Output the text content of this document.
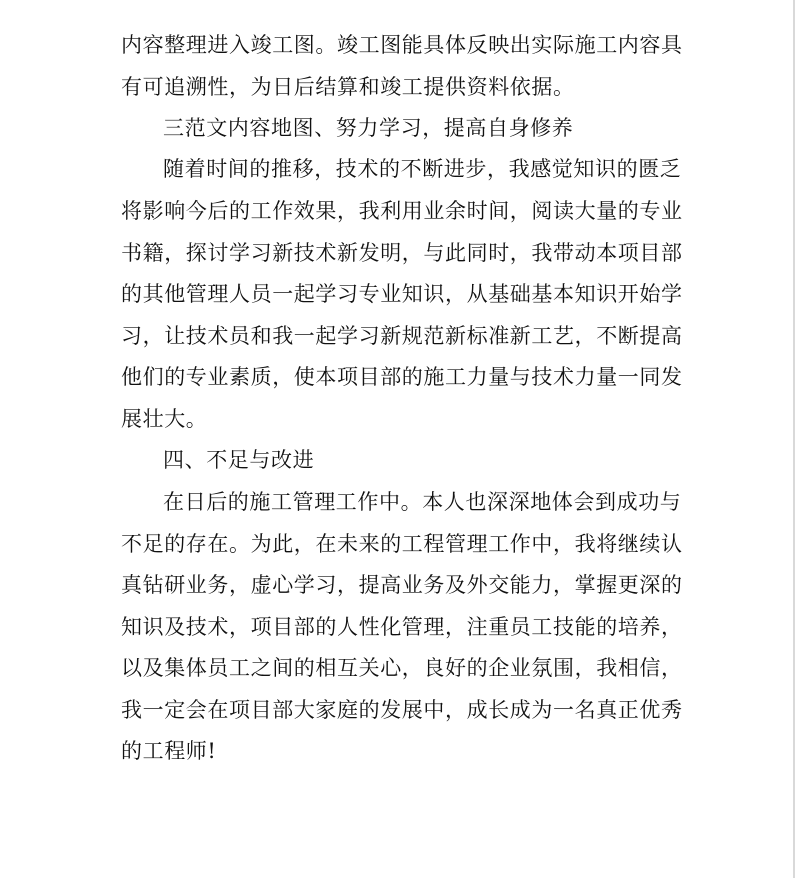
内容整理进入竣工图。竣工图能具体反映出实际施工内容具
有可追溯性，为日后结算和竣工提供资料依据。
三范文内容地图、努力学习，提高自身修养
随着时间的推移，技术的不断进步，我感觉知识的匮乏
将影响今后的工作效果，我利用业余时间，阅读大量的专业
书籍，探讨学习新技术新发明，与此同时，我带动本项目部
的其他管理人员一起学习专业知识，从基础基本知识开始学
习，让技术员和我一起学习新规范新标准新工艺，不断提高
他们的专业素质，使本项目部的施工力量与技术力量一同发
展壮大。
四、不足与改进
在日后的施工管理工作中。本人也深深地体会到成功与
不足的存在。为此，在未来的工程管理工作中，我将继续认
真钻研业务，虚心学习，提高业务及外交能力，掌握更深的
知识及技术，项目部的人性化管理，注重员工技能的培养，
以及集体员工之间的相互关心，良好的企业氛围，我相信，
我一定会在项目部大家庭的发展中，成长成为一名真正优秀
的工程师!
